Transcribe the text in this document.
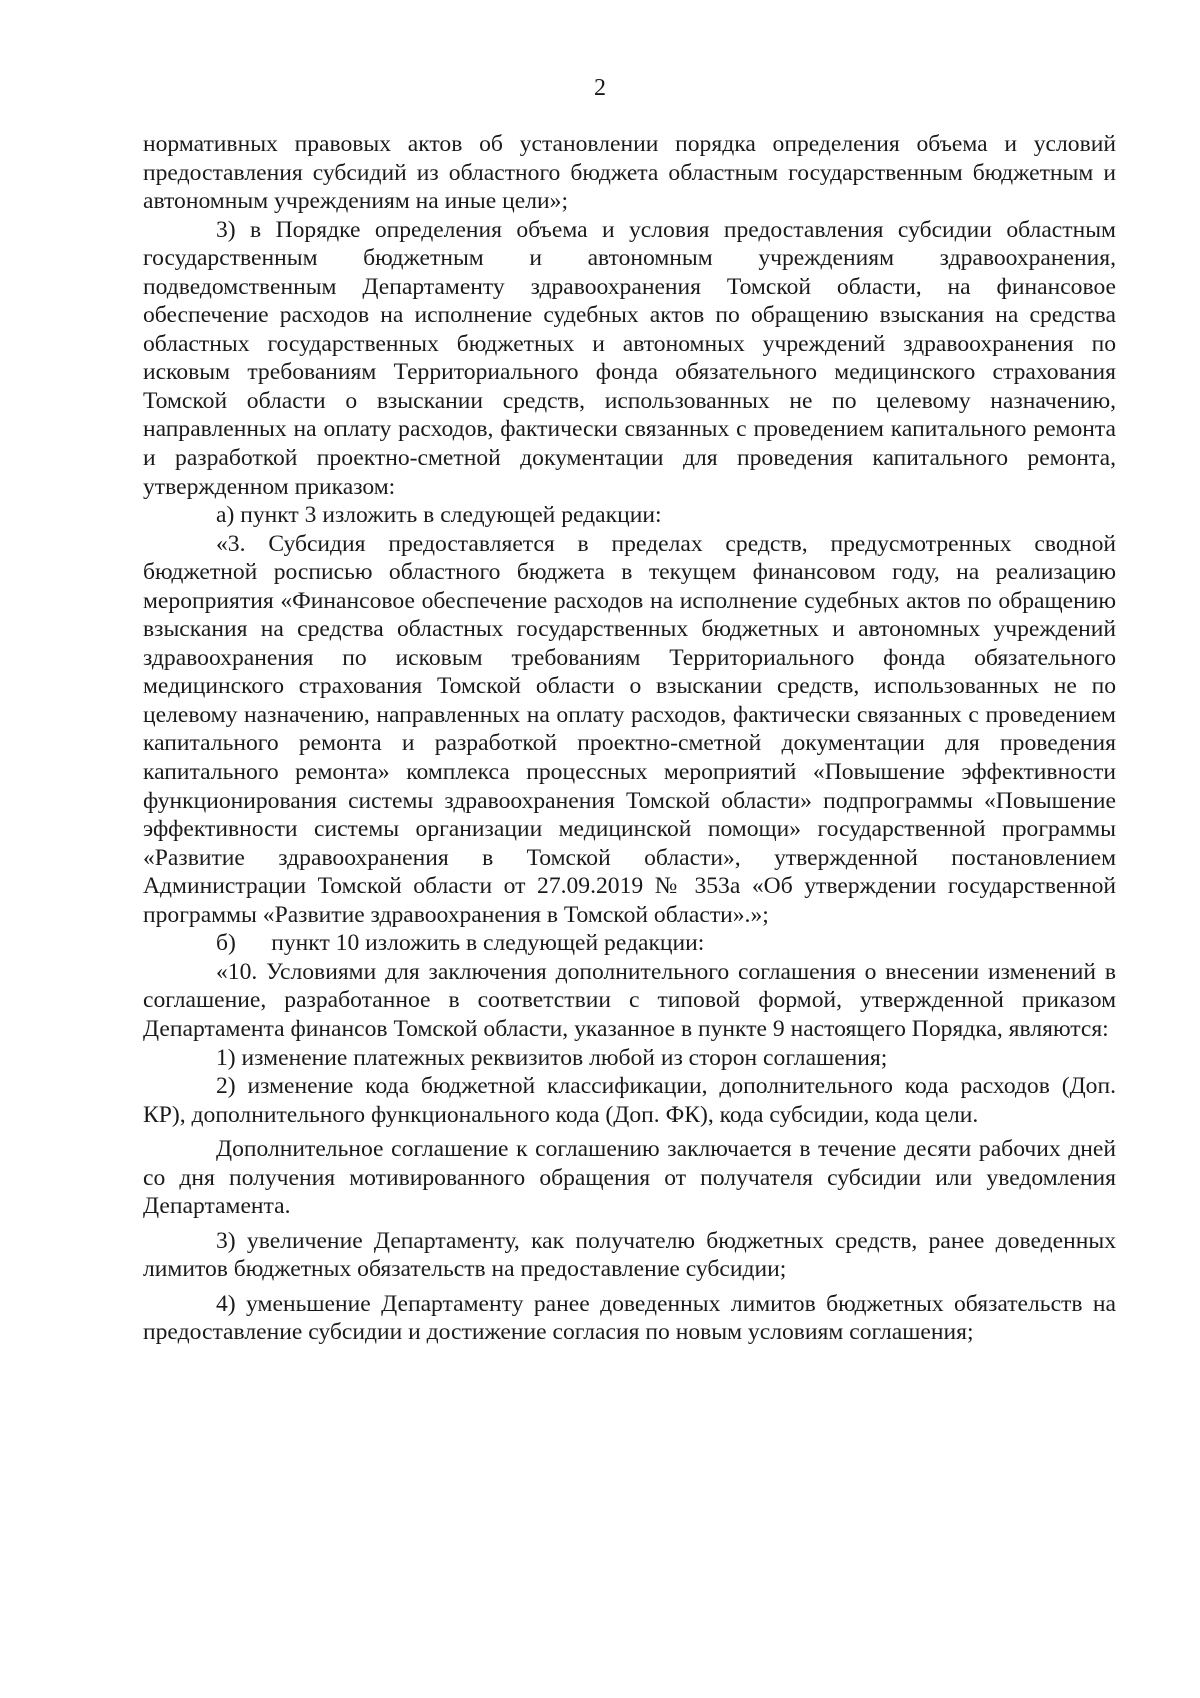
2

нормативных правовых актов об установлении порядка определения объема и условий предоставления субсидий из областного бюджета областным государственным бюджетным и автономным учреждениям на иные цели»;

3) в Порядке определения объема и условия предоставления субсидии областным государственным бюджетным и автономным учреждениям здравоохранения, подведомственным Департаменту здравоохранения Томской области, на финансовое обеспечение расходов на исполнение судебных актов по обращению взыскания на средства областных государственных бюджетных и автономных учреждений здравоохранения по исковым требованиям Территориального фонда обязательного медицинского страхования Томской области о взыскании средств, использованных не по целевому назначению, направленных на оплату расходов, фактически связанных с проведением капитального ремонта и разработкой проектно-сметной документации для проведения капитального ремонта, утвержденном приказом:

а) пункт 3 изложить в следующей редакции:

«3. Субсидия предоставляется в пределах средств, предусмотренных сводной бюджетной росписью областного бюджета в текущем финансовом году, на реализацию мероприятия «Финансовое обеспечение расходов на исполнение судебных актов по обращению взыскания на средства областных государственных бюджетных и автономных учреждений здравоохранения по исковым требованиям Территориального фонда обязательного медицинского страхования Томской области о взыскании средств, использованных не по целевому назначению, направленных на оплату расходов, фактически связанных с проведением капитального ремонта и разработкой проектно-сметной документации для проведения капитального ремонта» комплекса процессных мероприятий «Повышение эффективности функционирования системы здравоохранения Томской области» подпрограммы «Повышение эффективности системы организации медицинской помощи» государственной программы «Развитие здравоохранения в Томской области», утвержденной постановлением Администрации Томской области от 27.09.2019 № 353а «Об утверждении государственной программы «Развитие здравоохранения в Томской области».»;

б)      пункт 10 изложить в следующей редакции:

«10. Условиями для заключения дополнительного соглашения о внесении изменений в соглашение, разработанное в соответствии с типовой формой, утвержденной приказом Департамента финансов Томской области, указанное в пункте 9 настоящего Порядка, являются:

1) изменение платежных реквизитов любой из сторон соглашения;

2) изменение кода бюджетной классификации, дополнительного кода расходов (Доп. КР), дополнительного функционального кода (Доп. ФК), кода субсидии, кода цели.

Дополнительное соглашение к соглашению заключается в течение десяти рабочих дней со дня получения мотивированного обращения от получателя субсидии или уведомления Департамента.

3) увеличение Департаменту, как получателю бюджетных средств, ранее доведенных лимитов бюджетных обязательств на предоставление субсидии;

4) уменьшение Департаменту ранее доведенных лимитов бюджетных обязательств на предоставление субсидии и достижение согласия по новым условиям соглашения;
